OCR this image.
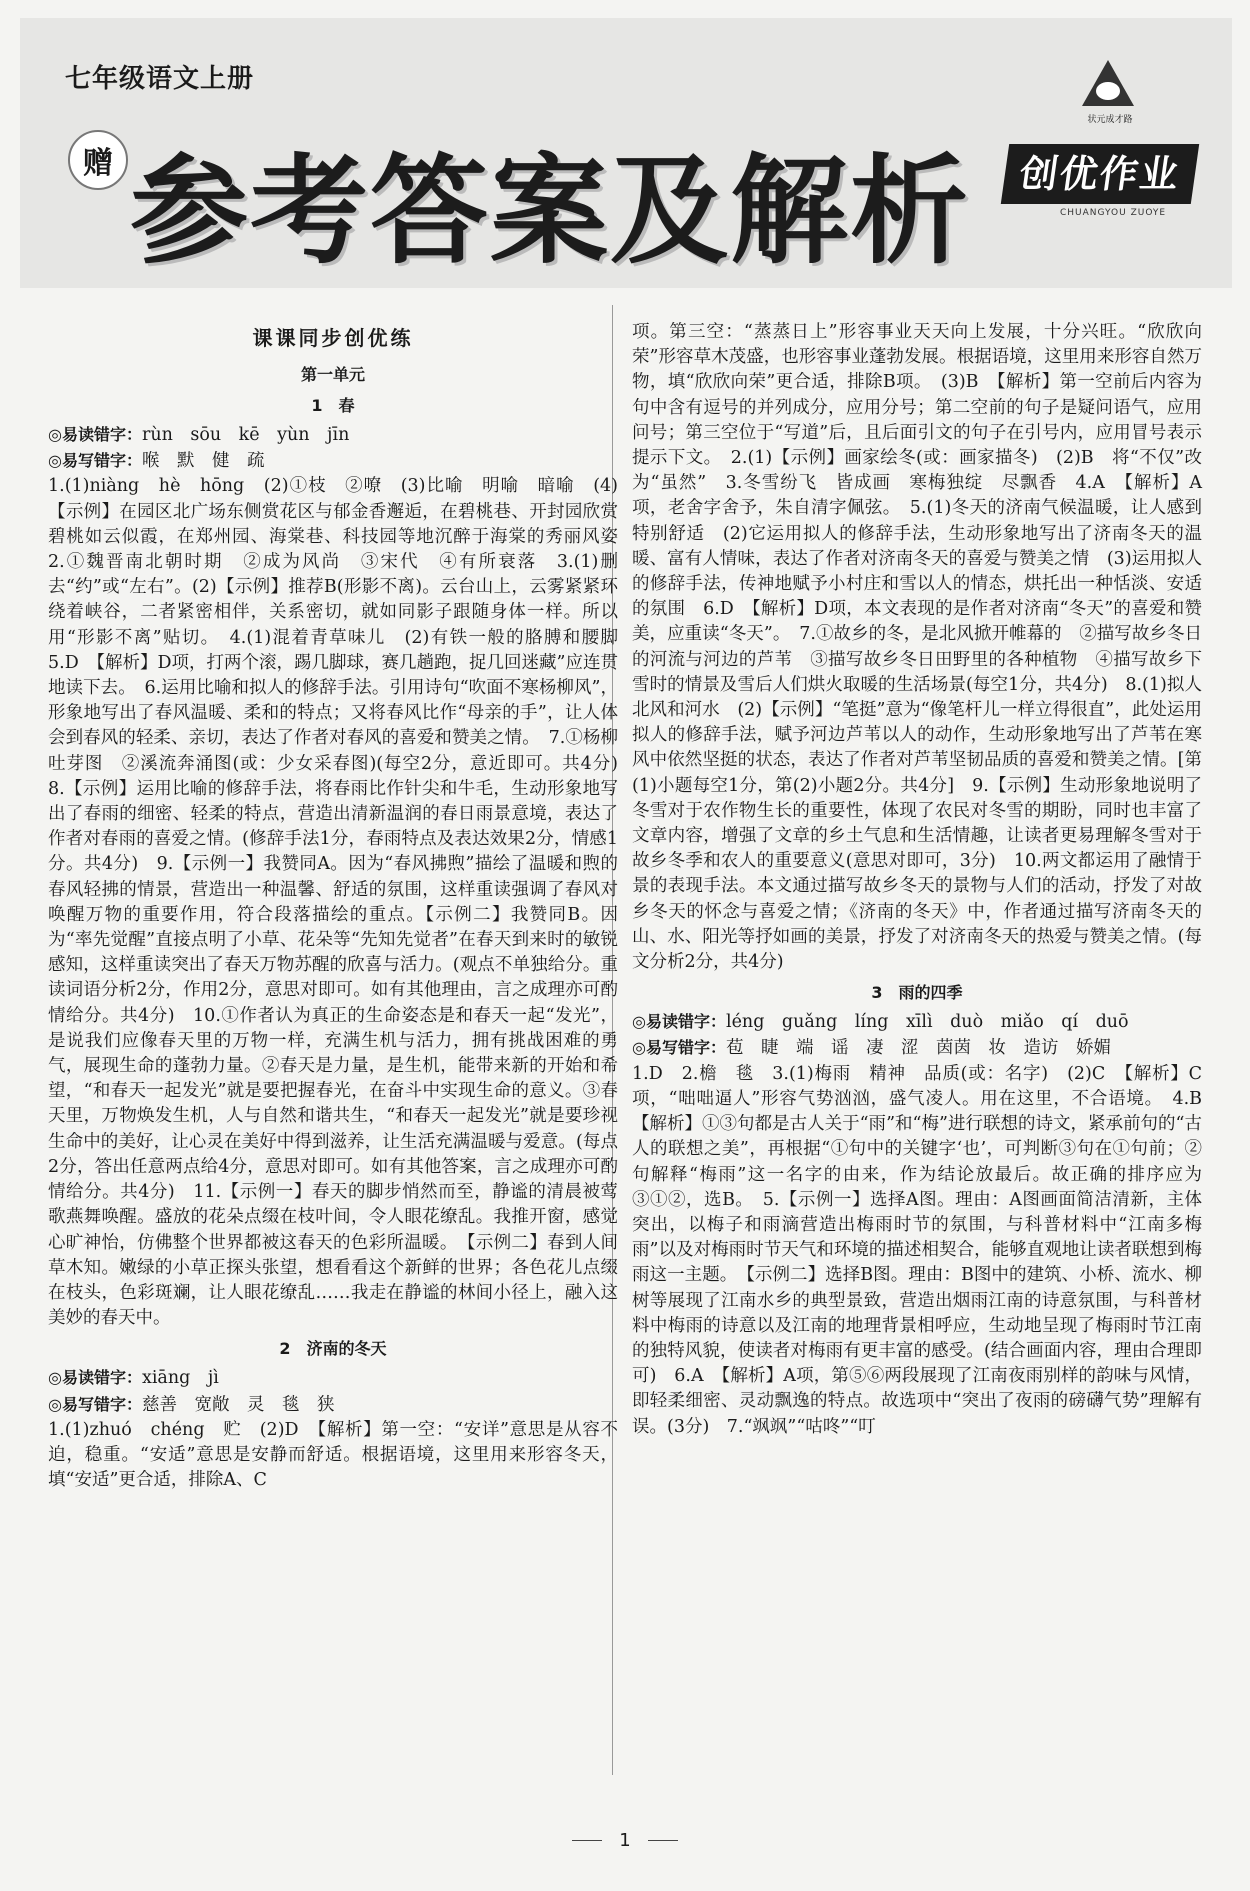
七年级语文上册
赠 参考答案及解析
状元成才路
创优作业
CHUANGYOU ZUOYE
课课同步创优练
第一单元
1　春

◎易读错字：rùn　sōu　kē　yùn　jīn

◎易写错字：喉　默　健　疏

1.(1)niàng　hè　hōng　(2)①枝　②嘹　(3)比喻　明喻　暗喻　(4)【示例】在园区北广场东侧赏花区与郁金香邂逅，在碧桃巷、开封园欣赏碧桃如云似霞，在郑州园、海棠巷、科技园等地沉醉于海棠的秀丽风姿　2.①魏晋南北朝时期　②成为风尚　③宋代　④有所衰落　3.(1)删去“约”或“左右”。(2)【示例】推荐B(形影不离)。云台山上，云雾紧紧环绕着峡谷，二者紧密相伴，关系密切，就如同影子跟随身体一样。所以用“形影不离”贴切。　4.(1)混着青草味儿　(2)有铁一般的胳膊和腰脚　5.D　【解析】D项，打两个滚，踢几脚球，赛几趟跑，捉几回迷藏”应连贯地读下去。　6.运用比喻和拟人的修辞手法。引用诗句“吹面不寒杨柳风”，形象地写出了春风温暖、柔和的特点；又将春风比作“母亲的手”，让人体会到春风的轻柔、亲切，表达了作者对春风的喜爱和赞美之情。　7.①杨柳吐芽图　②溪流奔涌图(或：少女采春图)(每空2分，意近即可。共4分)　8.【示例】运用比喻的修辞手法，将春雨比作针尖和牛毛，生动形象地写出了春雨的细密、轻柔的特点，营造出清新温润的春日雨景意境，表达了作者对春雨的喜爱之情。(修辞手法1分，春雨特点及表达效果2分，情感1分。共4分)　9.【示例一】我赞同A。因为“春风拂煦”描绘了温暖和煦的春风轻拂的情景，营造出一种温馨、舒适的氛围，这样重读强调了春风对唤醒万物的重要作用，符合段落描绘的重点。【示例二】我赞同B。因为“率先觉醒”直接点明了小草、花朵等“先知先觉者”在春天到来时的敏锐感知，这样重读突出了春天万物苏醒的欣喜与活力。(观点不单独给分。重读词语分析2分，作用2分，意思对即可。如有其他理由，言之成理亦可酌情给分。共4分)　10.①作者认为真正的生命姿态是和春天一起“发光”，是说我们应像春天里的万物一样，充满生机与活力，拥有挑战困难的勇气，展现生命的蓬勃力量。②春天是力量，是生机，能带来新的开始和希望，“和春天一起发光”就是要把握春光，在奋斗中实现生命的意义。③春天里，万物焕发生机，人与自然和谐共生，“和春天一起发光”就是要珍视生命中的美好，让心灵在美好中得到滋养，让生活充满温暖与爱意。(每点2分，答出任意两点给4分，意思对即可。如有其他答案，言之成理亦可酌情给分。共4分)　11.【示例一】春天的脚步悄然而至，静谧的清晨被莺歌燕舞唤醒。盛放的花朵点缀在枝叶间，令人眼花缭乱。我推开窗，感觉心旷神怡，仿佛整个世界都被这春天的色彩所温暖。　【示例二】春到人间草木知。嫩绿的小草正探头张望，想看看这个新鲜的世界；各色花儿点缀在枝头，色彩斑斓，让人眼花缭乱……我走在静谧的林间小径上，融入这美妙的春天中。

2　济南的冬天

◎易读错字：xiāng　jì

◎易写错字：慈善　宽敞　灵　毯　狭

1.(1)zhuó　chéng　贮　(2)D　【解析】第一空：“安详”意思是从容不迫，稳重。“安适”意思是安静而舒适。根据语境，这里用来形容冬天，填“安适”更合适，排除A、C

项。第三空：“蒸蒸日上”形容事业天天向上发展，十分兴旺。“欣欣向荣”形容草木茂盛，也形容事业蓬勃发展。根据语境，这里用来形容自然万物，填“欣欣向荣”更合适，排除B项。　(3)B　【解析】第一空前后内容为句中含有逗号的并列成分，应用分号；第二空前的句子是疑问语气，应用问号；第三空位于“写道”后，且后面引文的句子在引号内，应用冒号表示提示下文。　2.(1)【示例】画家绘冬(或：画家描冬)　(2)B　将“不仅”改为“虽然”　3.冬雪纷飞　皆成画　寒梅独绽　尽飘香　4.A　【解析】A项，老舍字舍予，朱自清字佩弦。　5.(1)冬天的济南气候温暖，让人感到特别舒适　(2)它运用拟人的修辞手法，生动形象地写出了济南冬天的温暖、富有人情味，表达了作者对济南冬天的喜爱与赞美之情　(3)运用拟人的修辞手法，传神地赋予小村庄和雪以人的情态，烘托出一种恬淡、安适的氛围　6.D　【解析】D项，本文表现的是作者对济南“冬天”的喜爱和赞美，应重读“冬天”。　7.①故乡的冬，是北风掀开帷幕的　②描写故乡冬日的河流与河边的芦苇　③描写故乡冬日田野里的各种植物　④描写故乡下雪时的情景及雪后人们烘火取暖的生活场景(每空1分，共4分)　8.(1)拟人　北风和河水　(2)【示例】“笔挺”意为“像笔杆儿一样立得很直”，此处运用拟人的修辞手法，赋予河边芦苇以人的动作，生动形象地写出了芦苇在寒风中依然坚挺的状态，表达了作者对芦苇坚韧品质的喜爱和赞美之情。[第(1)小题每空1分，第(2)小题2分。共4分]　9.【示例】生动形象地说明了冬雪对于农作物生长的重要性，体现了农民对冬雪的期盼，同时也丰富了文章内容，增强了文章的乡土气息和生活情趣，让读者更易理解冬雪对于故乡冬季和农人的重要意义(意思对即可，3分)　10.两文都运用了融情于景的表现手法。本文通过描写故乡冬天的景物与人们的活动，抒发了对故乡冬天的怀念与喜爱之情；《济南的冬天》中，作者通过描写济南冬天的山、水、阳光等抒如画的美景，抒发了对济南冬天的热爱与赞美之情。(每文分析2分，共4分)

3　雨的四季

◎易读错字：léng　guǎng　líng　xīlì　duò　miǎo　qí　duō

◎易写错字：苞　睫　端　谣　凄　涩　茵茵　妆　造访　娇媚

1.D　2.檐　毯　3.(1)梅雨　精神　品质(或：名字)　(2)C　【解析】C项，“咄咄逼人”形容气势汹汹，盛气凌人。用在这里，不合语境。　4.B　【解析】①③句都是古人关于“雨”和“梅”进行联想的诗文，紧承前句的“古人的联想之美”，再根据“①句中的关键字‘也’，可判断③句在①句前；②句解释“梅雨”这一名字的由来，作为结论放最后。故正确的排序应为③①②，选B。　5.【示例一】选择A图。理由：A图画面简洁清新，主体突出，以梅子和雨滴营造出梅雨时节的氛围，与科普材料中“江南多梅雨”以及对梅雨时节天气和环境的描述相契合，能够直观地让读者联想到梅雨这一主题。　【示例二】选择B图。理由：B图中的建筑、小桥、流水、柳树等展现了江南水乡的典型景致，营造出烟雨江南的诗意氛围，与科普材料中梅雨的诗意以及江南的地理背景相呼应，生动地呈现了梅雨时节江南的独特风貌，使读者对梅雨有更丰富的感受。(结合画面内容，理由合理即可)　6.A　【解析】A项，第⑤⑥两段展现了江南夜雨别样的韵味与风情，即轻柔细密、灵动飘逸的特点。故选项中“突出了夜雨的磅礴气势”理解有误。(3分)　7.“飒飒”“咕咚”“叮

1
